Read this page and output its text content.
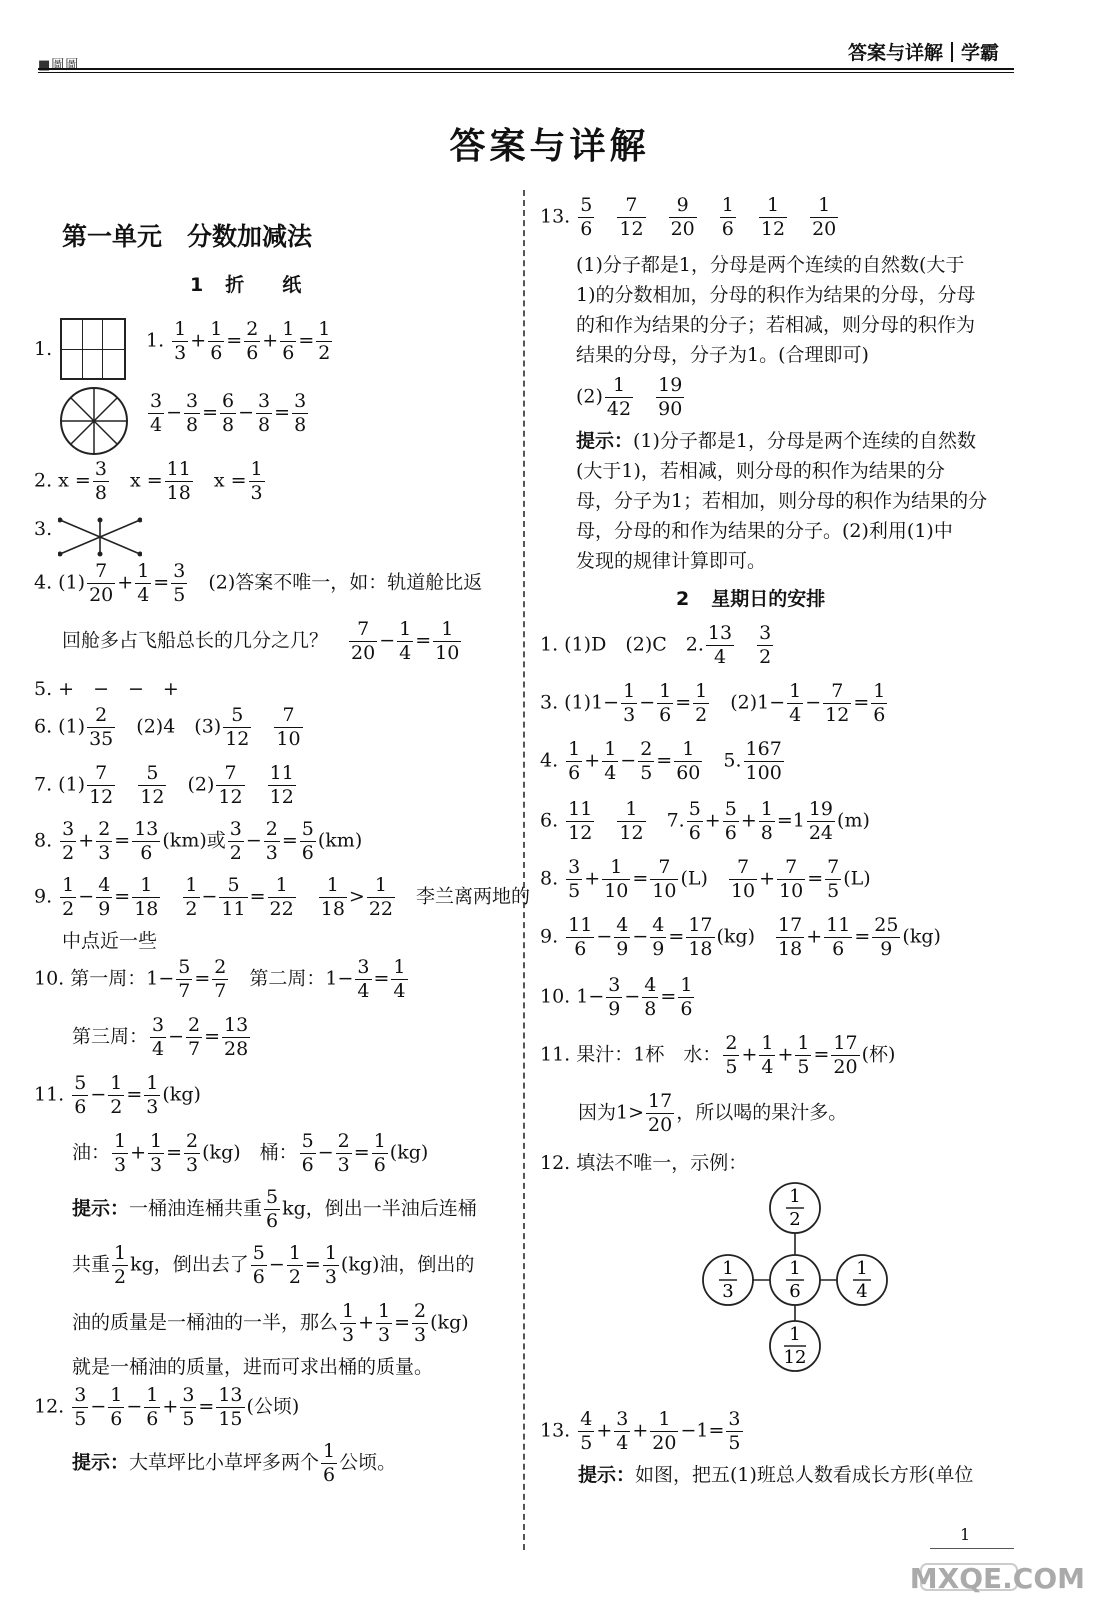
■圖圖
答案与详解 学霸
答案与详解
第一单元　分数加减法
1 折　　纸
1.	1. $\frac{1}{3} + \frac{1}{6} = \frac{2}{6} + \frac{1}{6} = \frac{1}{2}$
$\frac{3}{4} - \frac{3}{8} = \frac{6}{8} - \frac{3}{8} = \frac{3}{8}$
2. $x = \frac{3}{8}$ 　$x = \frac{11}{18}$ 　$x = \frac{1}{3}$
3.
4. $(1) \frac{7}{20} + \frac{1}{4} = \frac{3}{5}$ 　(2)答案不唯一，如：轨道舱比返
回舱多占飞船总长的几分之几？　 $\frac{7}{20} - \frac{1}{4} = \frac{1}{10}$
5. +　−　−　+
6. $(1) \frac{2}{35}$ 　(2)4　$(3) \frac{5}{12}$
　 $\frac{7}{10}$
7. $(1) \frac{7}{12}$
　 $\frac{5}{12}$ 　$(2) \frac{7}{12}$
　 $\frac{11}{12}$
8. $\frac{3}{2} + \frac{2}{3} = \frac{13}{6} (km)$或 $\frac{3}{2} - \frac{2}{3} = \frac{5}{6} (km)$
9. $\frac{1}{2} - \frac{4}{9} = \frac{1}{18}$
　 $\frac{1}{2} - \frac{5}{11} = \frac{1}{22}$
　 $\frac{1}{18} > \frac{1}{22}$ 　李兰离两地的
中点近一些
10. 第一周：$1- \frac{5}{7} = \frac{2}{7}$ 　第二周：$1- \frac{3}{4} = \frac{1}{4}$
第三周： $\frac{3}{4} - \frac{2}{7} = \frac{13}{28}$
11. $\frac{5}{6} - \frac{1}{2} = \frac{1}{3} (kg)$
油： $\frac{1}{3} + \frac{1}{3} = \frac{2}{3} (kg)$　桶： $\frac{5}{6} - \frac{2}{3} = \frac{1}{6} (kg)$
提示：一桶油连桶共重 $\frac{5}{6}$ kg，倒出一半油后连桶
共重 $\frac{1}{2}$ kg，倒出去了 $\frac{5}{6} - \frac{1}{2} = \frac{1}{3} (kg)$油，倒出的
油的质量是一桶油的一半，那么 $\frac{1}{3} + \frac{1}{3} = \frac{2}{3} (kg)$
就是一桶油的质量，进而可求出桶的质量。
12. $\frac{3}{5} - \frac{1}{6} - \frac{1}{6} + \frac{3}{5} = \frac{13}{15}$ (公顷)
提示：大草坪比小草坪多两个 $\frac{1}{6}$ 公顷。
13. $\frac{5}{6}$
　 $\frac{7}{12}$
　 $\frac{9}{20}$
　 $\frac{1}{6}$
　 $\frac{1}{12}$
　 $\frac{1}{20}$
(1)分子都是1，分母是两个连续的自然数(大于
1)的分数相加，分母的积作为结果的分母，分母
的和作为结果的分子；若相减，则分母的积作为
结果的分母，分子为1。(合理即可)
$(2) \frac{1}{42}$
　 $\frac{19}{90}$
提示：(1)分子都是1，分母是两个连续的自然数
(大于1)，若相减，则分母的积作为结果的分
母，分子为1；若相加，则分母的积作为结果的分
母，分母的和作为结果的分子。(2)利用(1)中
发现的规律计算即可。
2 星期日的安排
1. (1)D　(2)C　2. $\frac{13}{4}$
　 $\frac{3}{2}$
3. $(1)1- \frac{1}{3} - \frac{1}{6} = \frac{1}{2}$ 　$(2)1- \frac{1}{4} - \frac{7}{12} = \frac{1}{6}$
4. $\frac{1}{6} + \frac{1}{4} - \frac{2}{5} = \frac{1}{60}$ 　5. $\frac{167}{100}$
6. $\frac{11}{12}$
　 $\frac{1}{12}$ 　7. $\frac{5}{6} + \frac{5}{6} + \frac{1}{8} =1 \frac{19}{24} (m)$
8. $\frac{3}{5} + \frac{1}{10} = \frac{7}{10} (L)$　 $\frac{7}{10} + \frac{7}{10} = \frac{7}{5} (L)$
9. $\frac{11}{6} - \frac{4}{9} - \frac{4}{9} = \frac{17}{18} (kg)$　 $\frac{17}{18} + \frac{11}{6} = \frac{25}{9} (kg)$
10. $1- \frac{3}{9} - \frac{4}{8} = \frac{1}{6}$
11. 果汁：1杯　水： $\frac{2}{5} + \frac{1}{4} + \frac{1}{5} = \frac{17}{20}$ (杯)
因为$1> \frac{17}{20}$ ，所以喝的果汁多。
12. 填法不唯一，示例：
1
2
1
3
1
6
1
4
1
12
13. $\frac{4}{5} + \frac{3}{4} + \frac{1}{20} -1= \frac{3}{5}$
提示：如图，把五(1)班总人数看成长方形(单位
1
MXQE.COM
